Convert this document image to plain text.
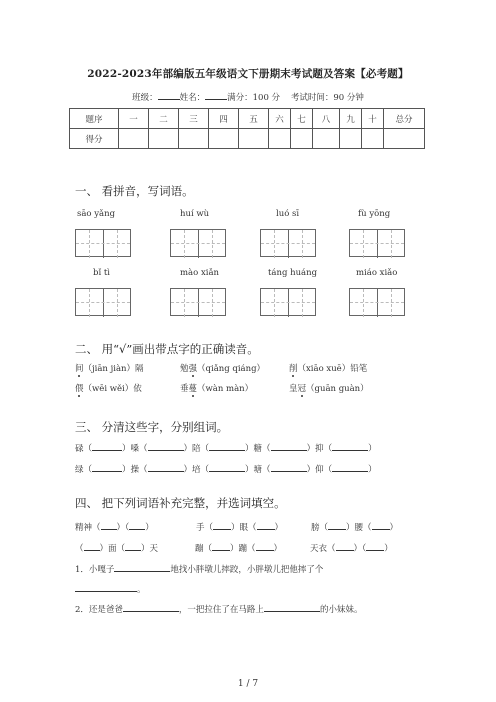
2022-2023年部编版五年级语文下册期末考试题及答案【必考题】
班级：	姓名：	满分：100 分 考试时间：90 分钟
题序	一	二	三	四	五	六	七	八	九	十	总分
得分											
一、 看拼音，写词语。
sāo yǎng	huí wù	luó sī	fù yōng
bǐ tì	mào xiǎn	táng huáng	miáo xiǎo
二、 用“√”画出带点字的正确读音。
间（jiān jiàn）隔	勉强（qiǎng qiáng）	削（xiāo xuē）铅笔
偎（wēi wěi）依	垂蔓（wàn màn）	皇冠（guān guàn）
三、 分清这些字，分别组词。
碌（	）嗓（	）陪（	）糖（	）抑（	）
绿（	）操（	）培（	）塘（	）仰（	）
四、 把下列词语补充完整，并选词填空。
精神（ ）（ ）	手（ ）眼（ ）	膀（ ）腰（ ）
（ ）面（ ）天	蹦（ ）蹦（ ）	天衣（ ）（ ）
1．小嘎子	地找小胖墩儿摔跤，小胖墩儿把他摔了个
。
2．还是爸爸	，一把拉住了在马路上	的小妹妹。
1 / 7
